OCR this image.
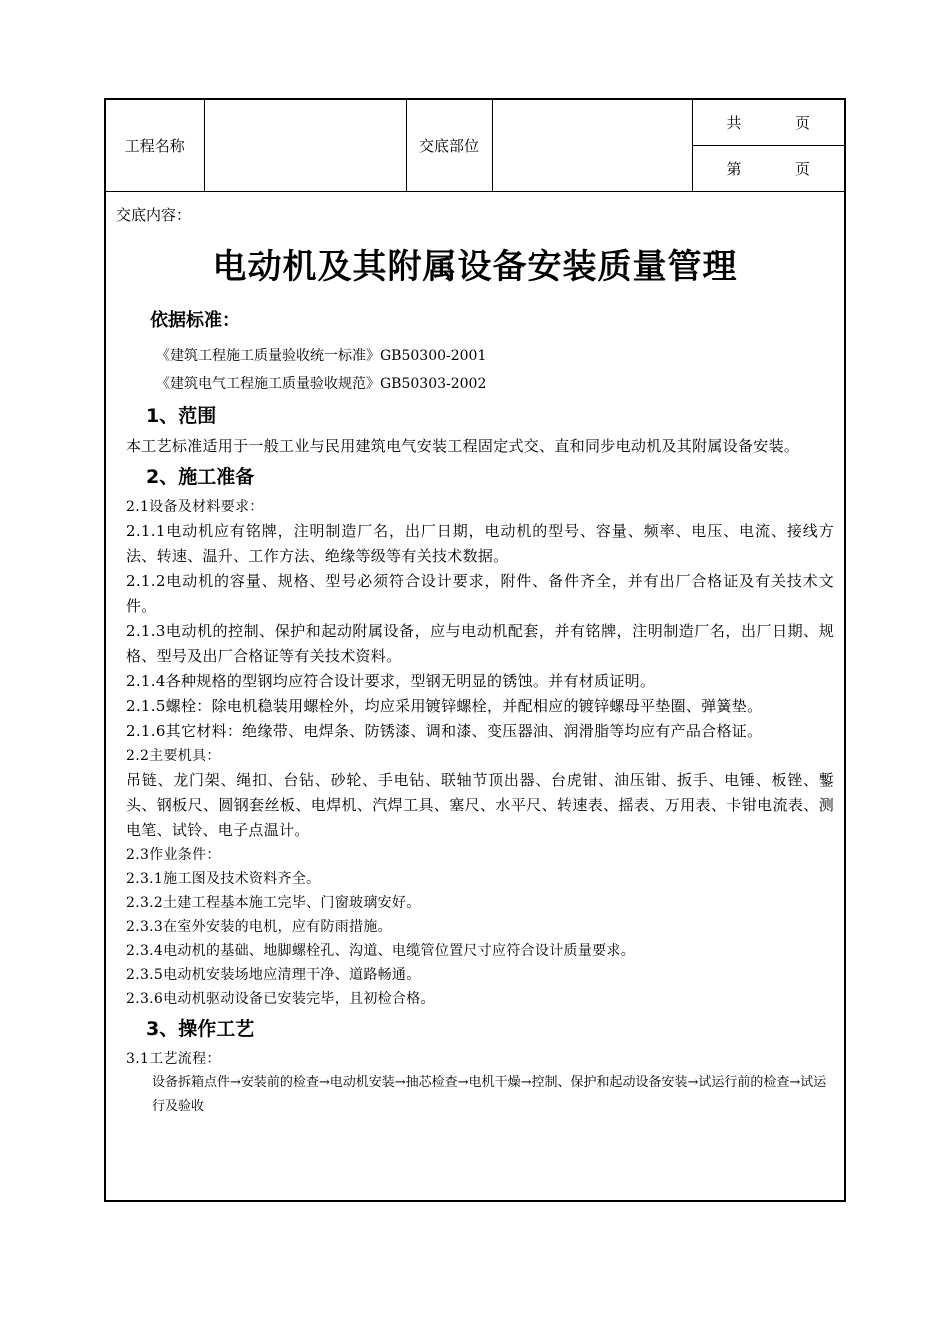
工程名称		交底部位		
共	页

第	页
交底内容：
电动机及其附属设备安装质量管理
依据标准：
《建筑工程施工质量验收统一标准》GB50300-2001
《建筑电气工程施工质量验收规范》GB50303-2002
1、范围
本工艺标准适用于一般工业与民用建筑电气安装工程固定式交、直和同步电动机及其附属设备安装。
2、施工准备
2.1设备及材料要求：
2.1.1电动机应有铭牌，注明制造厂名，出厂日期，电动机的型号、容量、频率、电压、电流、接线方法、转速、温升、工作方法、绝缘等级等有关技术数据。
2.1.2电动机的容量、规格、型号必须符合设计要求，附件、备件齐全，并有出厂合格证及有关技术文件。
2.1.3电动机的控制、保护和起动附属设备，应与电动机配套，并有铭牌，注明制造厂名，出厂日期、规格、型号及出厂合格证等有关技术资料。
2.1.4各种规格的型钢均应符合设计要求，型钢无明显的锈蚀。并有材质证明。
2.1.5螺栓：除电机稳装用螺栓外，均应采用镀锌螺栓，并配相应的镀锌螺母平垫圈、弹簧垫。
2.1.6其它材料：绝缘带、电焊条、防锈漆、调和漆、变压器油、润滑脂等均应有产品合格证。
2.2主要机具：
吊链、龙门架、绳扣、台钻、砂轮、手电钻、联轴节顶出器、台虎钳、油压钳、扳手、电锤、板锉、鏨头、钢板尺、圆钢套丝板、电焊机、汽焊工具、塞尺、水平尺、转速表、摇表、万用表、卡钳电流表、测电笔、试铃、电子点温计。
2.3作业条件：
2.3.1施工图及技术资料齐全。
2.3.2土建工程基本施工完毕、门窗玻璃安好。
2.3.3在室外安装的电机，应有防雨措施。
2.3.4电动机的基础、地脚螺栓孔、沟道、电缆管位置尺寸应符合设计质量要求。
2.3.5电动机安装场地应清理干净、道路畅通。
2.3.6电动机驱动设备已安装完毕，且初检合格。
3、操作工艺
3.1工艺流程：
设备拆箱点件→安装前的检查→电动机安装→抽芯检查→电机干燥→控制、保护和起动设备安装→试运行前的检查→试运行及验收
